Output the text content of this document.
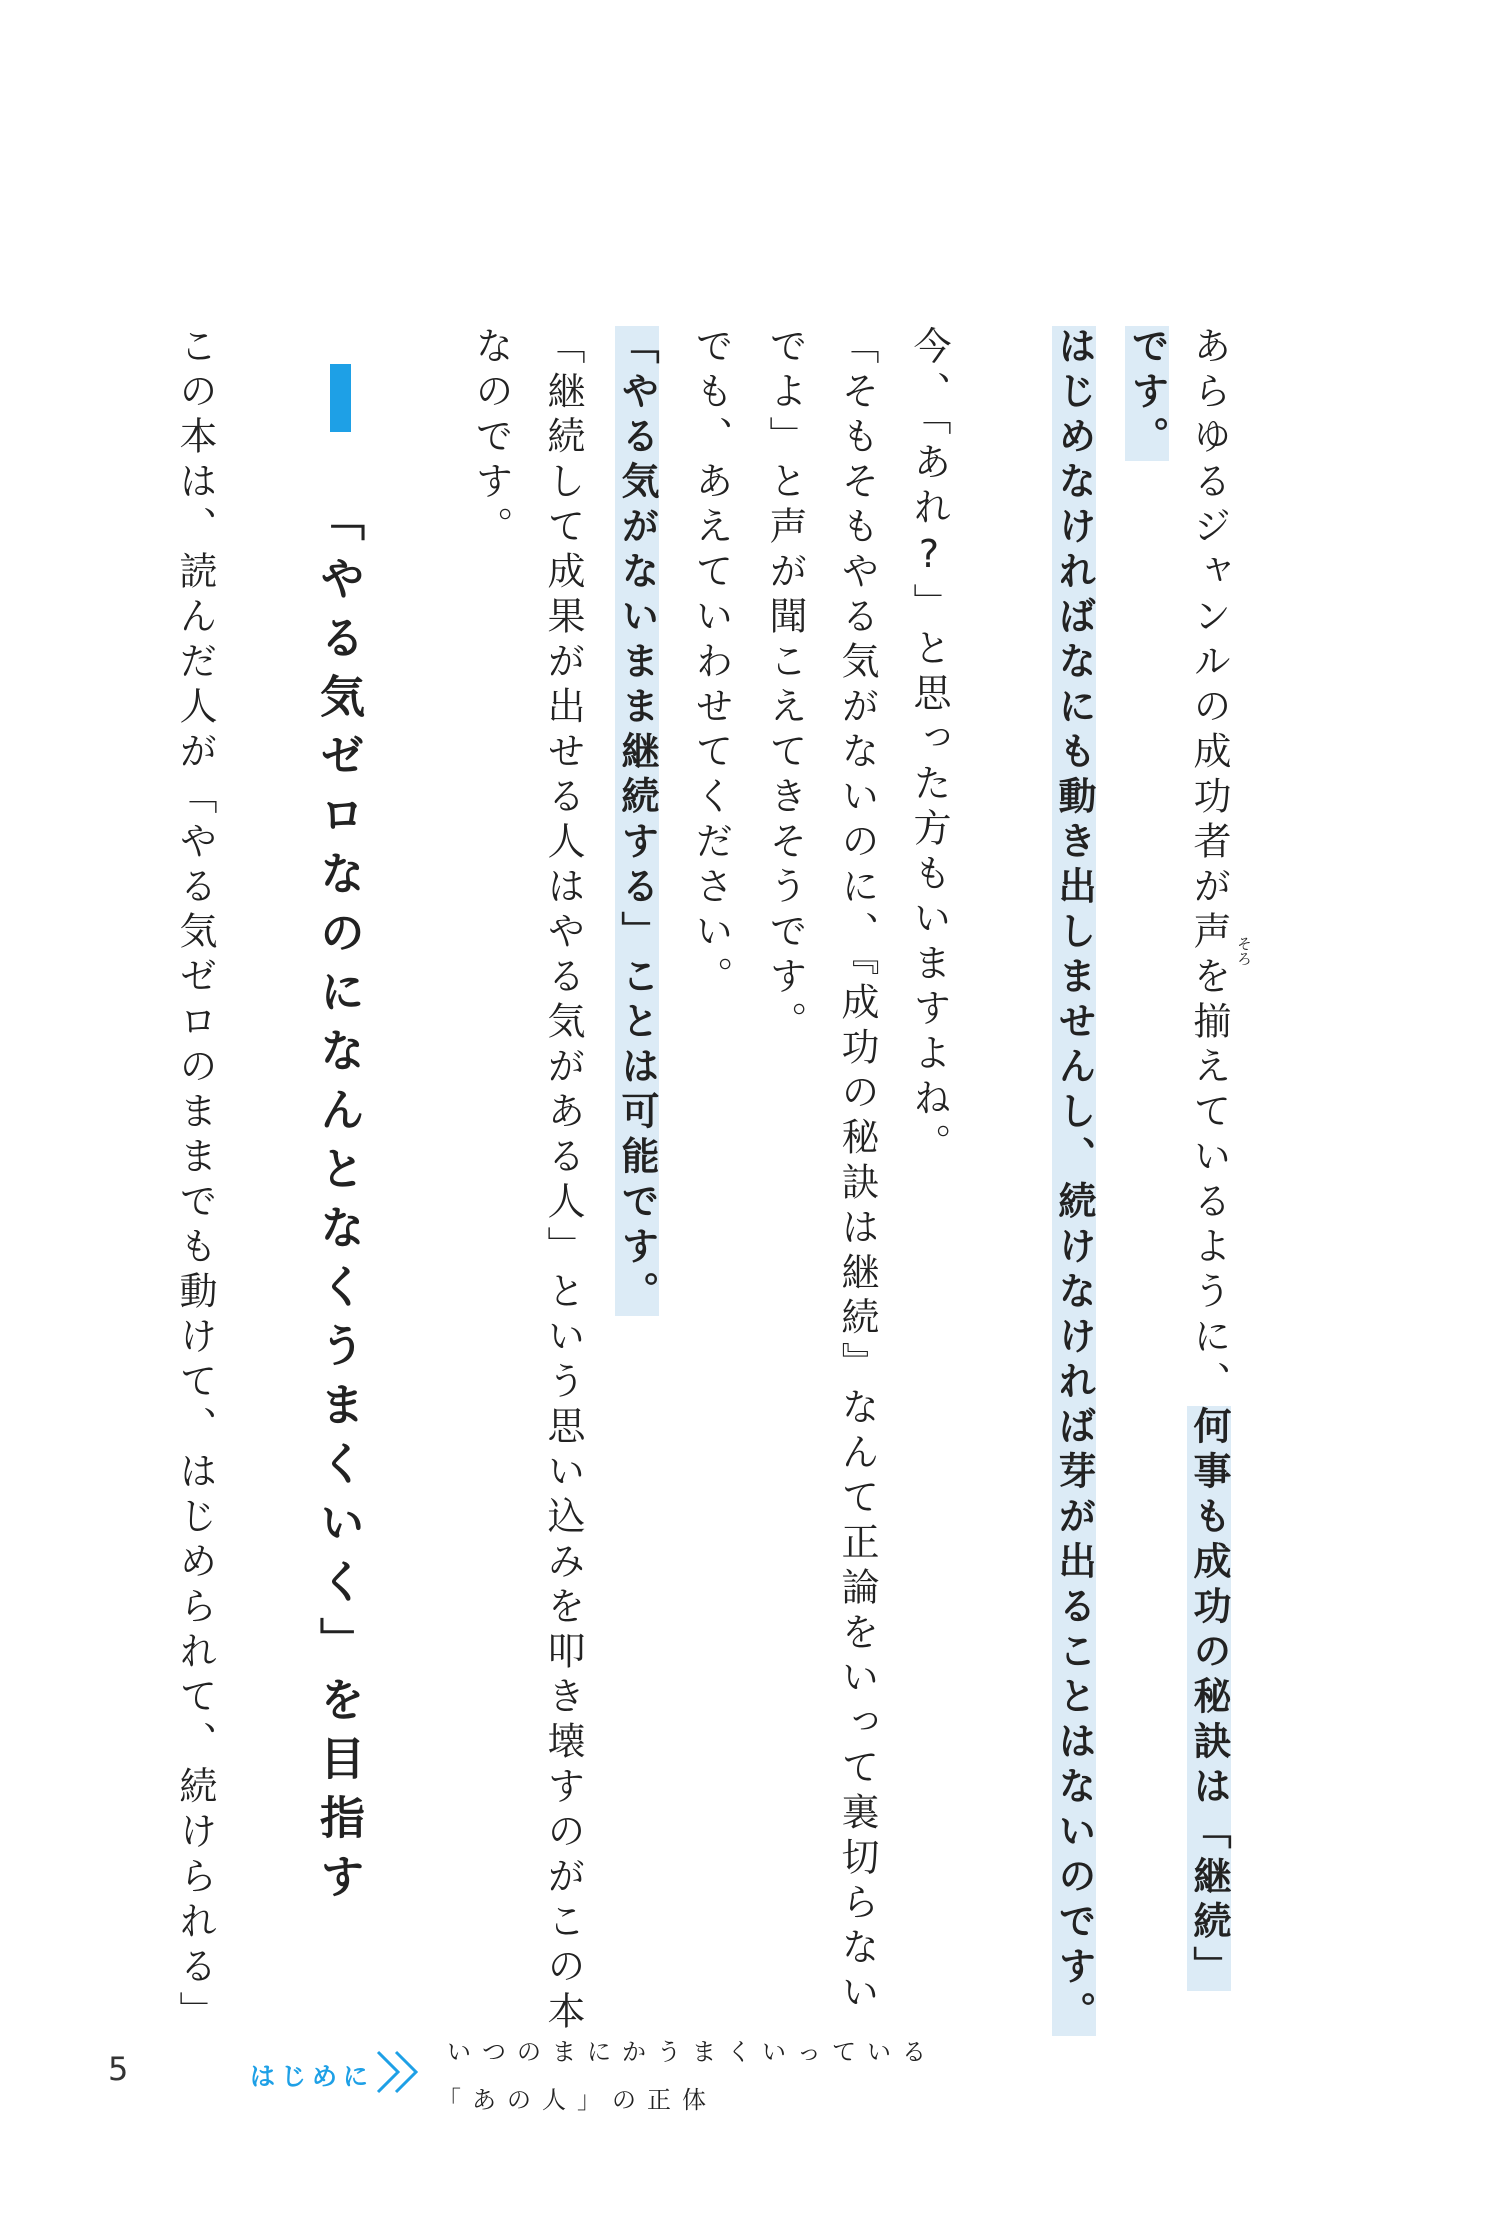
あらゆるジャンルの成功者が声を揃えているように、何事も成功の秘訣は「継続」
そろ
です。
はじめなければなにも動き出しませんし、続けなければ芽が出ることはないのです。
今、「あれ?」と思った方もいますよね。
「そもそもやる気がないのに、『成功の秘訣は継続』なんて正論をいって裏切らない
でよ」と声が聞こえてきそうです。
でも、あえていわせてください。
「やる気がないまま継続する」ことは可能です。
「継続して成果が出せる人はやる気がある人」という思い込みを叩き壊すのがこの本
なのです。
「やる気ゼロなのになんとなくうまくいく」を目指す
この本は、読んだ人が「やる気ゼロのままでも動けて、はじめられて、続けられる」
5	はじめに
いつのまにかうまくいっている
「あの人」の正体
